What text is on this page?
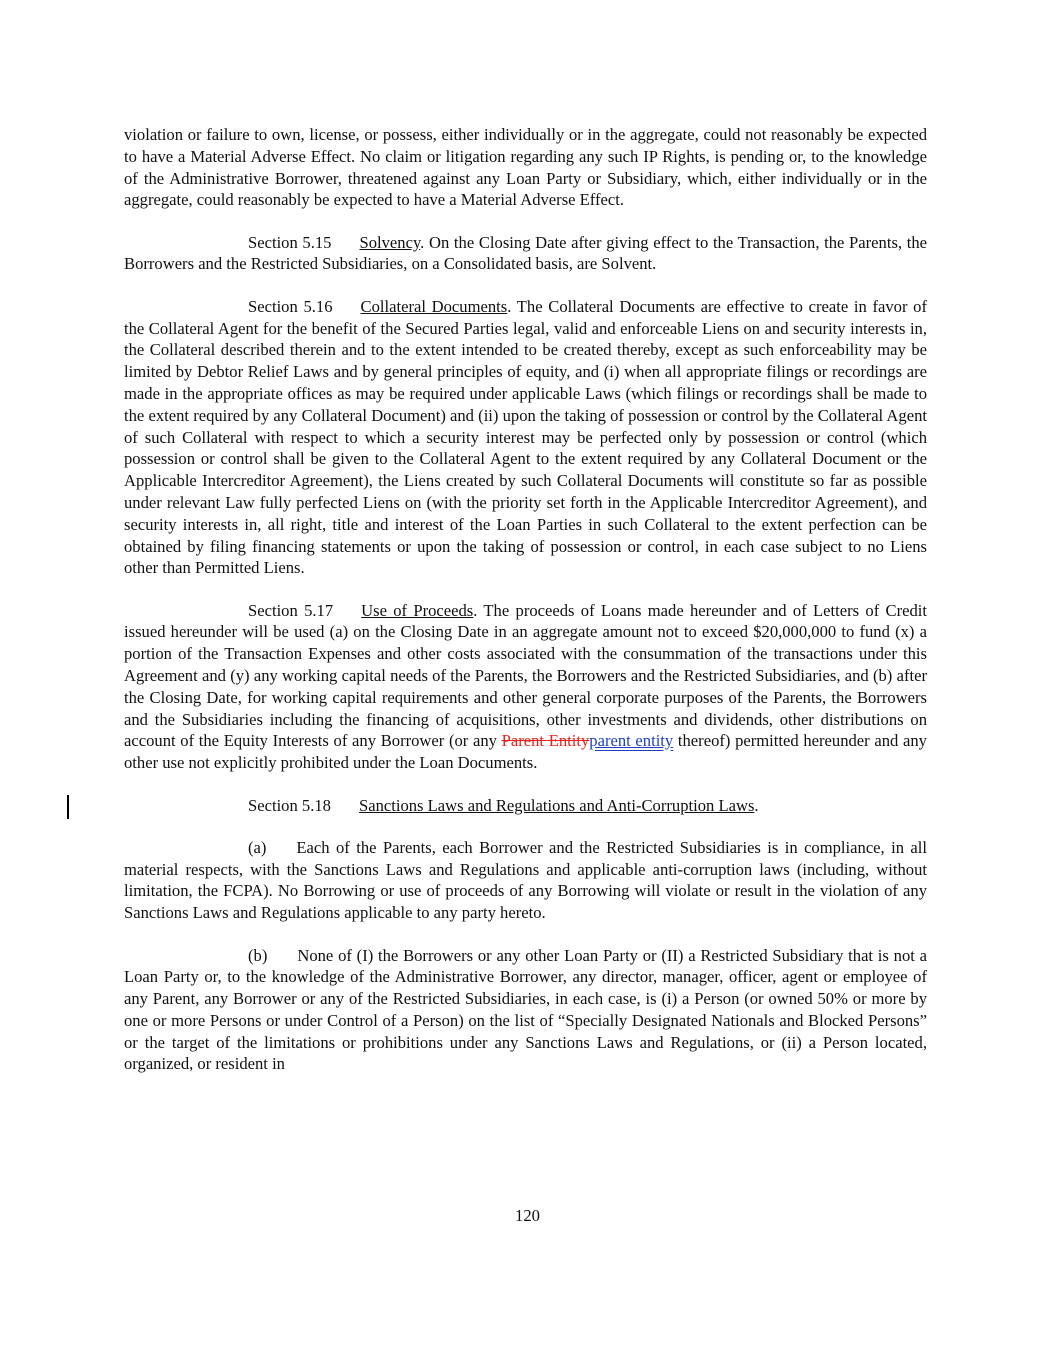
violation or failure to own, license, or possess, either individually or in the aggregate, could not reasonably be expected to have a Material Adverse Effect. No claim or litigation regarding any such IP Rights, is pending or, to the knowledge of the Administrative Borrower, threatened against any Loan Party or Subsidiary, which, either individually or in the aggregate, could reasonably be expected to have a Material Adverse Effect.

Section 5.15 Solvency. On the Closing Date after giving effect to the Transaction, the Parents, the Borrowers and the Restricted Subsidiaries, on a Consolidated basis, are Solvent.

Section 5.16 Collateral Documents. The Collateral Documents are effective to create in favor of the Collateral Agent for the benefit of the Secured Parties legal, valid and enforceable Liens on and security interests in, the Collateral described therein and to the extent intended to be created thereby, except as such enforceability may be limited by Debtor Relief Laws and by general principles of equity, and (i) when all appropriate filings or recordings are made in the appropriate offices as may be required under applicable Laws (which filings or recordings shall be made to the extent required by any Collateral Document) and (ii) upon the taking of possession or control by the Collateral Agent of such Collateral with respect to which a security interest may be perfected only by possession or control (which possession or control shall be given to the Collateral Agent to the extent required by any Collateral Document or the Applicable Intercreditor Agreement), the Liens created by such Collateral Documents will constitute so far as possible under relevant Law fully perfected Liens on (with the priority set forth in the Applicable Intercreditor Agreement), and security interests in, all right, title and interest of the Loan Parties in such Collateral to the extent perfection can be obtained by filing financing statements or upon the taking of possession or control, in each case subject to no Liens other than Permitted Liens.

Section 5.17 Use of Proceeds. The proceeds of Loans made hereunder and of Letters of Credit issued hereunder will be used (a) on the Closing Date in an aggregate amount not to exceed $20,000,000 to fund (x) a portion of the Transaction Expenses and other costs associated with the consummation of the transactions under this Agreement and (y) any working capital needs of the Parents, the Borrowers and the Restricted Subsidiaries, and (b) after the Closing Date, for working capital requirements and other general corporate purposes of the Parents, the Borrowers and the Subsidiaries including the financing of acquisitions, other investments and dividends, other distributions on account of the Equity Interests of any Borrower (or any Parent Entityparent entity thereof) permitted hereunder and any other use not explicitly prohibited under the Loan Documents.

Section 5.18 Sanctions Laws and Regulations and Anti-Corruption Laws.

(a) Each of the Parents, each Borrower and the Restricted Subsidiaries is in compliance, in all material respects, with the Sanctions Laws and Regulations and applicable anti-corruption laws (including, without limitation, the FCPA). No Borrowing or use of proceeds of any Borrowing will violate or result in the violation of any Sanctions Laws and Regulations applicable to any party hereto.

(b) None of (I) the Borrowers or any other Loan Party or (II) a Restricted Subsidiary that is not a Loan Party or, to the knowledge of the Administrative Borrower, any director, manager, officer, agent or employee of any Parent, any Borrower or any of the Restricted Subsidiaries, in each case, is (i) a Person (or owned 50% or more by one or more Persons or under Control of a Person) on the list of “Specially Designated Nationals and Blocked Persons” or the target of the limitations or prohibitions under any Sanctions Laws and Regulations, or (ii) a Person located, organized, or resident in

120
